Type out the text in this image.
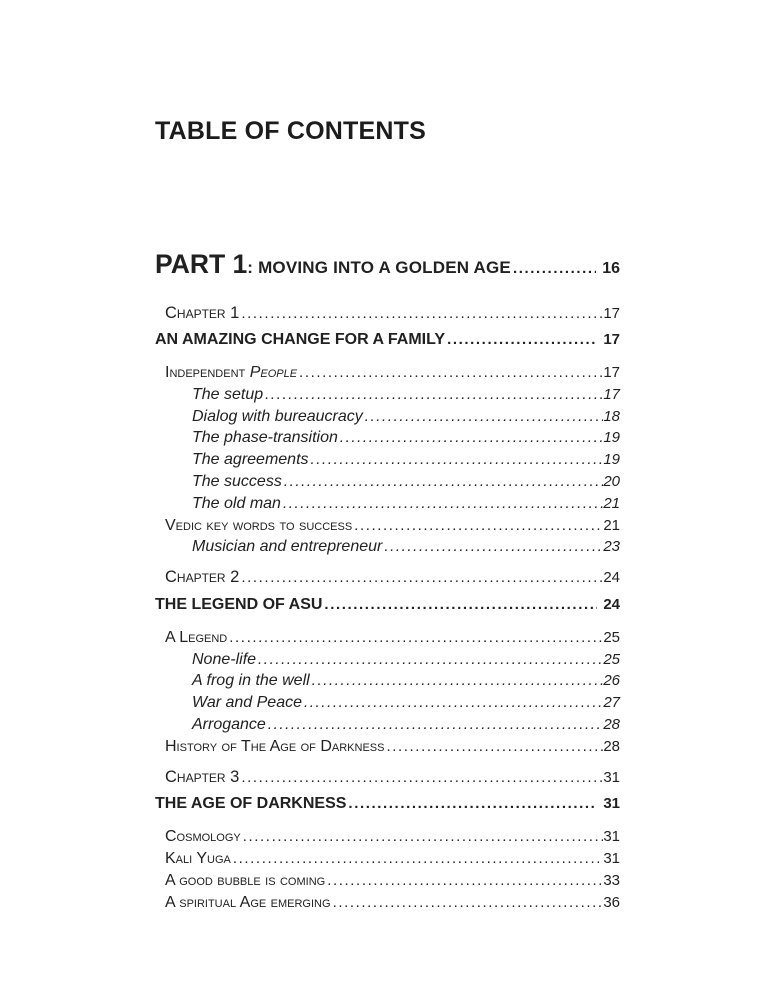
TABLE OF CONTENTS
PART 1: MOVING INTO A GOLDEN AGE .....	16
Chapter 1 .....	17
AN AMAZING CHANGE FOR A FAMILY .....	17
Independent People .....	17
The setup .....	17
Dialog with bureaucracy .....	18
The phase-transition .....	19
The agreements .....	19
The success .....	20
The old man .....	21
Vedic key words to success .....	21
Musician and entrepreneur .....	23
Chapter 2 .....	24
THE LEGEND OF ASU .....	24
A Legend .....	25
None-life .....	25
A frog in the well .....	26
War and Peace .....	27
Arrogance .....	28
History of The Age of Darkness .....	28
Chapter 3 .....	31
THE AGE OF DARKNESS .....	31
Cosmology .....	31
Kali Yuga .....	31
A good bubble is coming .....	33
A spiritual Age emerging .....	36
